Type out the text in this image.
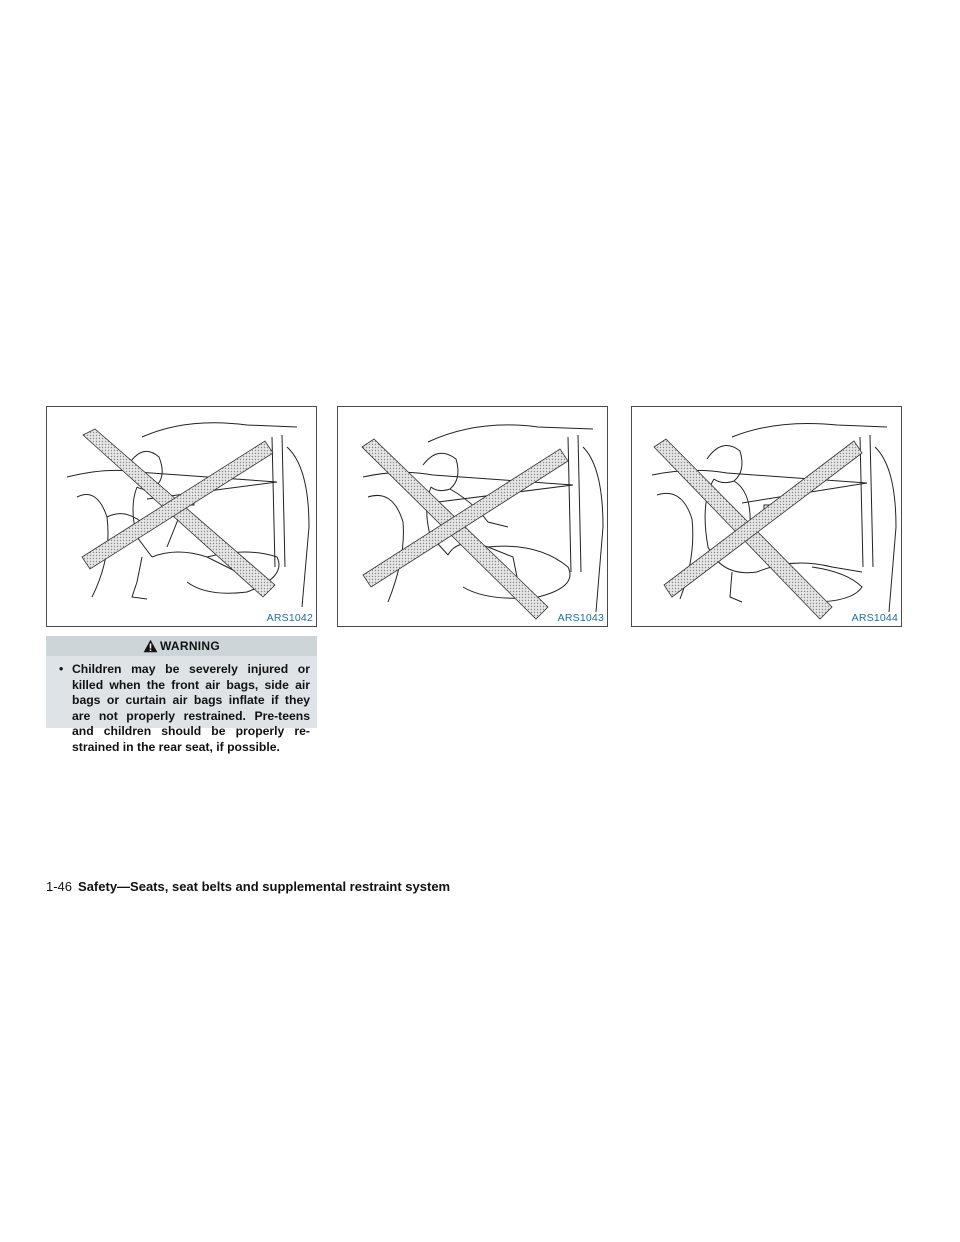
ARS1042	ARS1043	ARS1044
WARNING
• Children may be severely injured or killed when the front air bags, side air bags or curtain air bags inflate if they are not properly restrained. Pre-teens and children should be properly re-strained in the rear seat, if possible.
1-46 Safety—Seats, seat belts and supplemental restraint system
